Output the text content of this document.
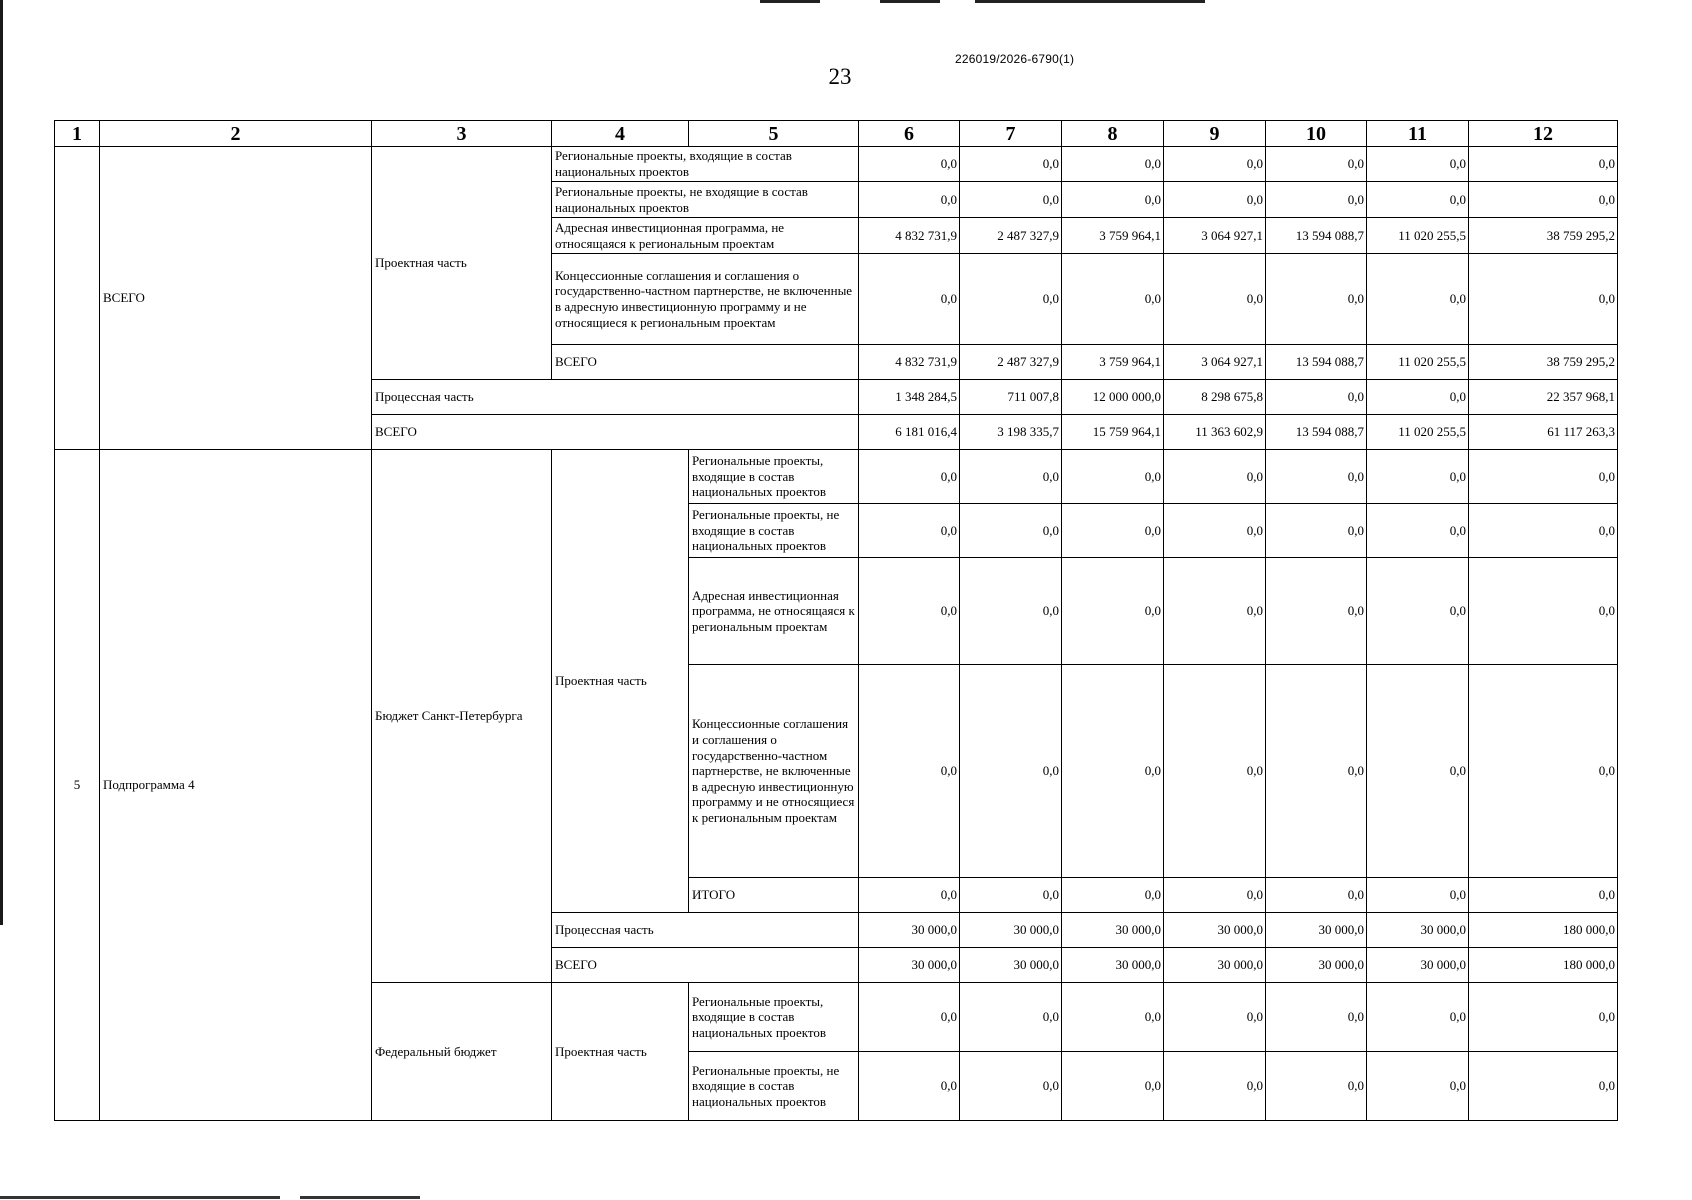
226019/2026-6790(1)
23
1	2	3	4	5	6	7	8	9	10	11	12
	ВСЕГО	Проектная часть	Региональные проекты, входящие в состав национальных проектов		0,0	0,0	0,0	0,0	0,0	0,0	0,0
			Региональные проекты, не входящие в состав национальных проектов		0,0	0,0	0,0	0,0	0,0	0,0	0,0
			Адресная инвестиционная программа, не относящаяся к региональным проектам		4 832 731,9	2 487 327,9	3 759 964,1	3 064 927,1	13 594 088,7	11 020 255,5	38 759 295,2
			Концессионные соглашения и соглашения о государственно-частном партнерстве, не включенные в адресную инвестиционную программу и не относящиеся к региональным проектам		0,0	0,0	0,0	0,0	0,0	0,0	0,0
			ВСЕГО		4 832 731,9	2 487 327,9	3 759 964,1	3 064 927,1	13 594 088,7	11 020 255,5	38 759 295,2
		Процессная часть			1 348 284,5	711 007,8	12 000 000,0	8 298 675,8	0,0	0,0	22 357 968,1
		ВСЕГО			6 181 016,4	3 198 335,7	15 759 964,1	11 363 602,9	13 594 088,7	11 020 255,5	61 117 263,3
5	Подпрограмма 4	Бюджет Санкт-Петербурга	Проектная часть	Региональные проекты, входящие в состав национальных проектов	0,0	0,0	0,0	0,0	0,0	0,0	0,0
				Региональные проекты, не входящие в состав национальных проектов	0,0	0,0	0,0	0,0	0,0	0,0	0,0
				Адресная инвестиционная программа, не относящаяся к региональным проектам	0,0	0,0	0,0	0,0	0,0	0,0	0,0
				Концессионные соглашения и соглашения о государственно-частном партнерстве, не включенные в адресную инвестиционную программу и не относящиеся к региональным проектам	0,0	0,0	0,0	0,0	0,0	0,0	0,0
				ИТОГО	0,0	0,0	0,0	0,0	0,0	0,0	0,0
			Процессная часть		30 000,0	30 000,0	30 000,0	30 000,0	30 000,0	30 000,0	180 000,0
			ВСЕГО		30 000,0	30 000,0	30 000,0	30 000,0	30 000,0	30 000,0	180 000,0
		Федеральный бюджет	Проектная часть	Региональные проекты, входящие в состав национальных проектов	0,0	0,0	0,0	0,0	0,0	0,0	0,0
				Региональные проекты, не входящие в состав национальных проектов	0,0	0,0	0,0	0,0	0,0	0,0	0,0
